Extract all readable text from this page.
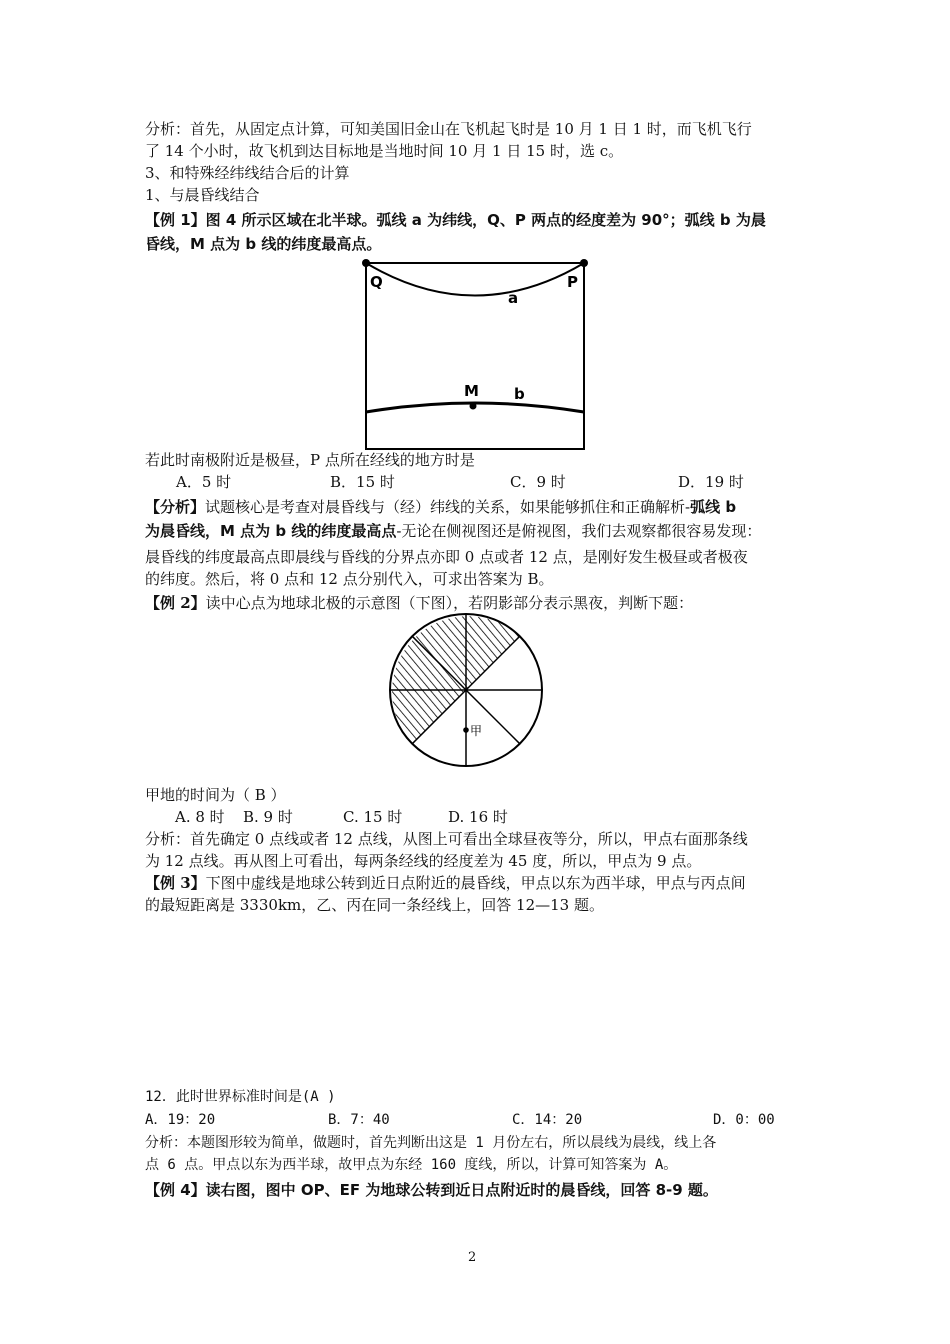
分析：首先，从固定点计算，可知美国旧金山在飞机起飞时是 10 月 1 日 1 时，而飞机飞行
了 14 个小时，故飞机到达目标地是当地时间 10 月 1 日 15 时，选 c。
3、和特殊经纬线结合后的计算
1、与晨昏线结合
【例 1】图 4 所示区域在北半球。弧线 a 为纬线，Q、P 两点的经度差为 90°；弧线 b 为晨
昏线，M 点为 b 线的纬度最高点。
Q	P
a
M b
若此时南极附近是极昼，P 点所在经线的地方时是
A．5 时	B．15 时	C．9 时	D．19 时
【分析】试题核心是考查对晨昏线与（经）纬线的关系，如果能够抓住和正确解析-弧线 b
为晨昏线，M 点为 b 线的纬度最高点-无论在侧视图还是俯视图，我们去观察都很容易发现：
晨昏线的纬度最高点即晨线与昏线的分界点亦即 0 点或者 12 点，是刚好发生极昼或者极夜
的纬度。然后，将 0 点和 12 点分别代入，可求出答案为 B。
【例 2】读中心点为地球北极的示意图（下图），若阴影部分表示黑夜，判断下题：
甲
甲地的时间为（ B ）
A. 8 时 B. 9 时	C. 15 时	D. 16 时
分析：首先确定 0 点线或者 12 点线，从图上可看出全球昼夜等分，所以，甲点右面那条线
为 12 点线。再从图上可看出，每两条经线的经度差为 45 度，所以，甲点为 9 点。
【例 3】下图中虚线是地球公转到近日点附近的晨昏线，甲点以东为西半球，甲点与丙点间
的最短距离是 3330km，乙、丙在同一条经线上，回答 12—13 题。
12．此时世界标准时间是(A )
A．19：20	B．7：40	C．14：20	D．0：00
分析：本题图形较为简单，做题时，首先判断出这是 1 月份左右，所以晨线为晨线，线上各
点 6 点。甲点以东为西半球，故甲点为东经 160 度线，所以，计算可知答案为 A。
【例 4】读右图，图中 OP、EF 为地球公转到近日点附近时的晨昏线，回答 8-9 题。
2
